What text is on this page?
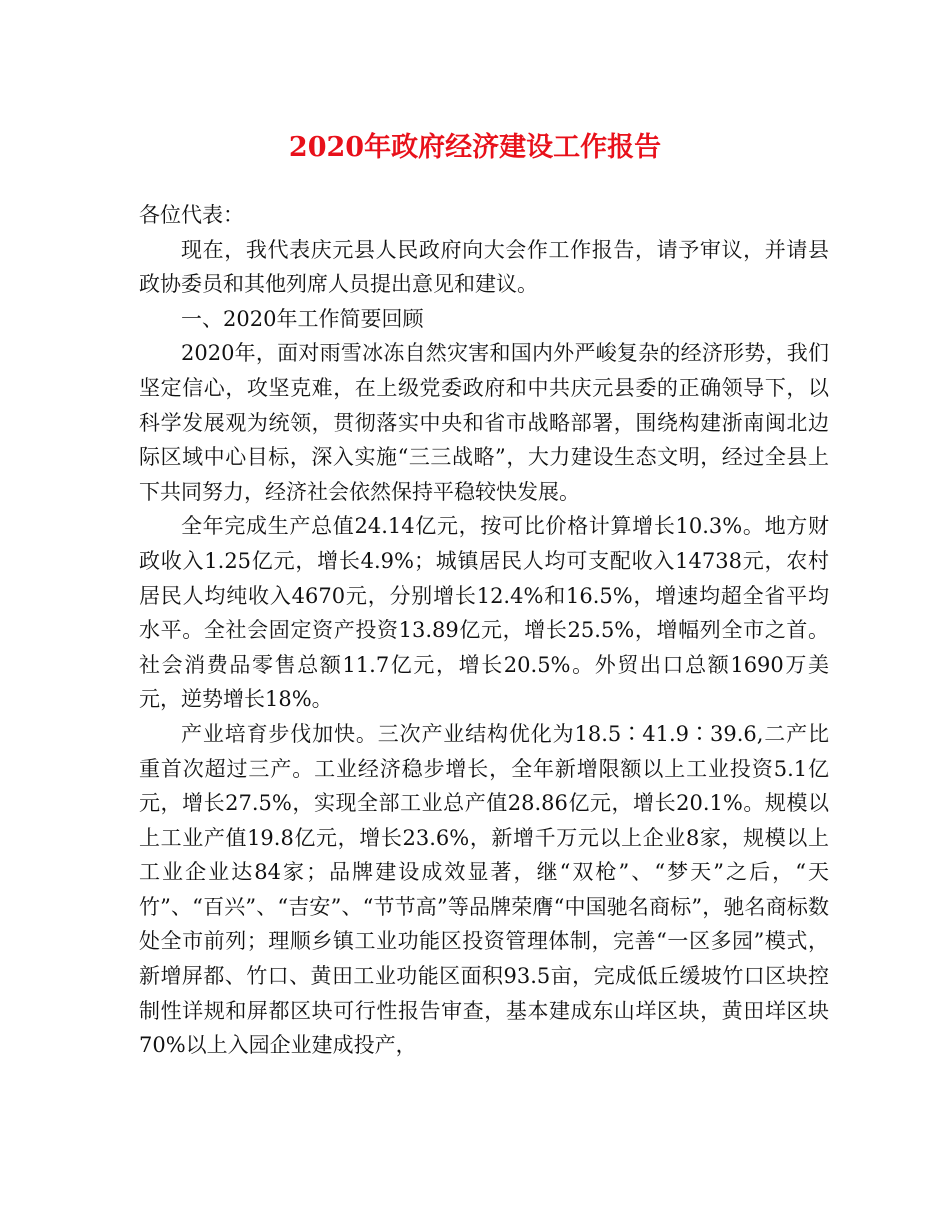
2020年政府经济建设工作报告

各位代表：

现在，我代表庆元县人民政府向大会作工作报告，请予审议，并请县政协委员和其他列席人员提出意见和建议。

一、2020年工作简要回顾

2020年，面对雨雪冰冻自然灾害和国内外严峻复杂的经济形势，我们坚定信心，攻坚克难，在上级党委政府和中共庆元县委的正确领导下，以科学发展观为统领，贯彻落实中央和省市战略部署，围绕构建浙南闽北边际区域中心目标，深入实施“三三战略”，大力建设生态文明，经过全县上下共同努力，经济社会依然保持平稳较快发展。

全年完成生产总值24.14亿元，按可比价格计算增长10.3%。地方财政收入1.25亿元，增长4.9%；城镇居民人均可支配收入14738元，农村居民人均纯收入4670元，分别增长12.4%和16.5%，增速均超全省平均水平。全社会固定资产投资13.89亿元，增长25.5%，增幅列全市之首。社会消费品零售总额11.7亿元，增长20.5%。外贸出口总额1690万美元，逆势增长18%。

产业培育步伐加快。三次产业结构优化为18.5∶41.9∶39.6,二产比重首次超过三产。工业经济稳步增长，全年新增限额以上工业投资5.1亿元，增长27.5%，实现全部工业总产值28.86亿元，增长20.1%。规模以上工业产值19.8亿元，增长23.6%，新增千万元以上企业8家，规模以上工业企业达84家；品牌建设成效显著，继“双枪”、“梦天”之后，“天竹”、“百兴”、“吉安”、“节节高”等品牌荣膺“中国驰名商标”，驰名商标数处全市前列；理顺乡镇工业功能区投资管理体制，完善“一区多园”模式，新增屏都、竹口、黄田工业功能区面积93.5亩，完成低丘缓坡竹口区块控制性详规和屏都区块可行性报告审查，基本建成东山垟区块，黄田垟区块70%以上入园企业建成投产，
